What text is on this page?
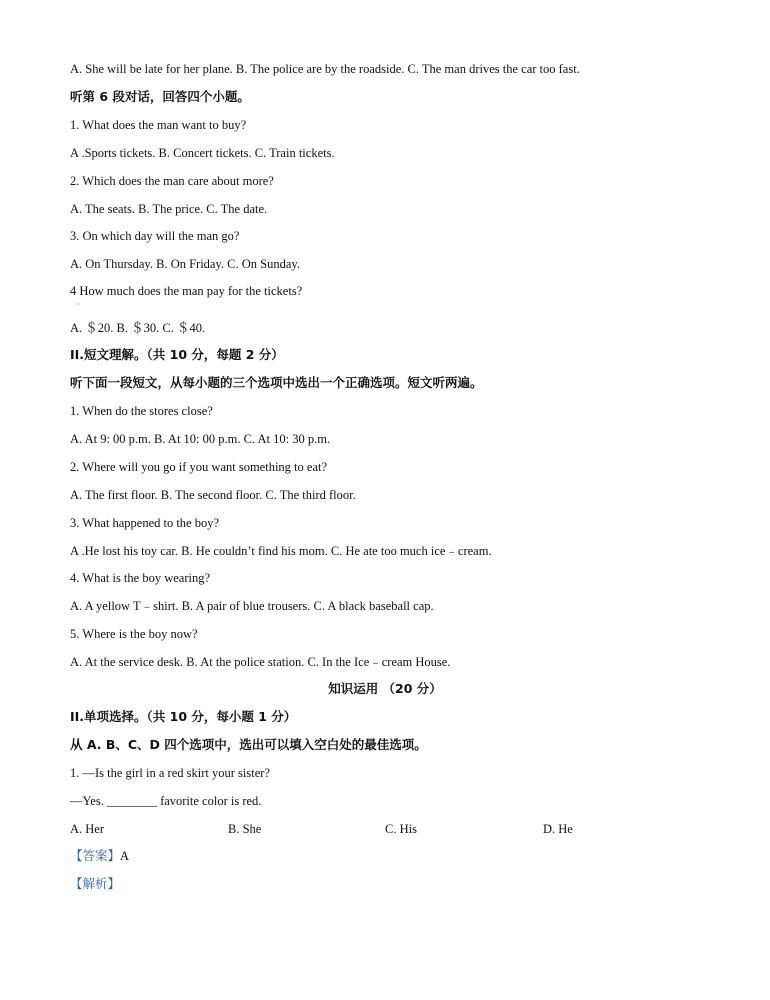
A. She will be late for her plane. B. The police are by the roadside. C. The man drives the car too fast.
听第 6 段对话，回答四个小题。
1. What does the man want to buy?
A .Sports tickets. B. Concert tickets. C. Train tickets.
2. Which does the man care about more?
A. The seats. B. The price. C. The date.
3. On which day will the man go?
A. On Thursday. B. On Friday. C. On Sunday.
4 How much does the man pay for the tickets?
·
A. ＄20. B. ＄30. C. ＄40.
II.短文理解。（共 10 分，每题 2 分）
听下面一段短文，从每小题的三个选项中选出一个正确选项。短文听两遍。
1. When do the stores close?
A. At 9: 00 p.m. B. At 10: 00 p.m. C. At 10: 30 p.m.
2. Where will you go if you want something to eat?
A. The first floor. B. The second floor. C. The third floor.
3. What happened to the boy?
A .He lost his toy car. B. He couldn’t find his mom. C. He ate too much ice﹣cream.
4. What is the boy wearing?
A. A yellow T﹣shirt. B. A pair of blue trousers. C. A black baseball cap.
5. Where is the boy now?
A. At the service desk. B. At the police station. C. In the Ice﹣cream House.
知识运用 （20 分）
II.单项选择。（共 10 分，每小题 1 分）
从 A. B、C、D 四个选项中，选出可以填入空白处的最佳选项。
1. —Is the girl in a red skirt your sister?
—Yes. ________ favorite color is red.
A. Her	B. She	C. His	D. He
【答案】A
【解析】
